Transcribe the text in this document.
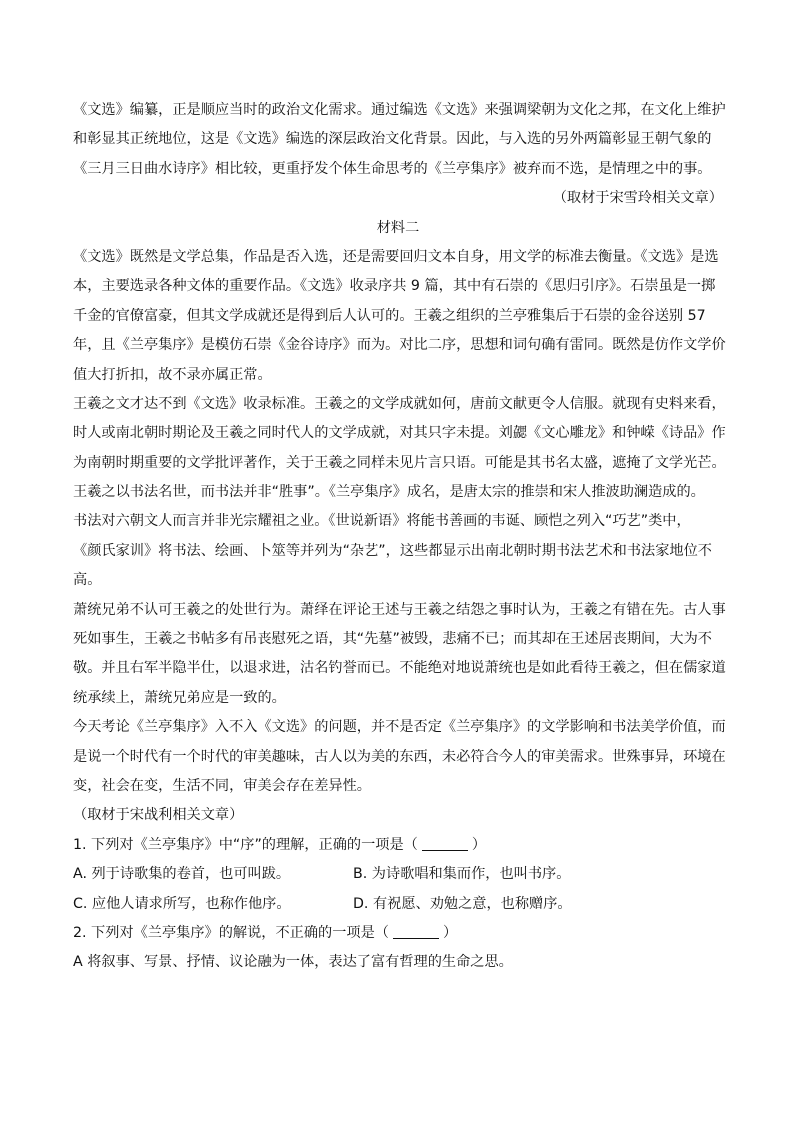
《文选》编纂，正是顺应当时的政治文化需求。通过编选《文选》来强调梁朝为文化之邦，在文化上维护
和彰显其正统地位，这是《文选》编选的深层政治文化背景。因此，与入选的另外两篇彰显王朝气象的
《三月三日曲水诗序》相比较，更重抒发个体生命思考的《兰亭集序》被弃而不选，是情理之中的事。
（取材于宋雪玲相关文章）
材料二
《文选》既然是文学总集，作品是否入选，还是需要回归文本自身，用文学的标准去衡量。《文选》是选
本，主要选录各种文体的重要作品。《文选》收录序共 9 篇，其中有石崇的《思归引序》。石崇虽是一掷
千金的官僚富豪，但其文学成就还是得到后人认可的。王羲之组织的兰亭雅集后于石崇的金谷送别 57
年，且《兰亭集序》是模仿石崇《金谷诗序》而为。对比二序，思想和词句确有雷同。既然是仿作文学价
值大打折扣，故不录亦属正常。
王羲之文才达不到《文选》收录标准。王羲之的文学成就如何，唐前文献更令人信服。就现有史料来看，
时人或南北朝时期论及王羲之同时代人的文学成就，对其只字未提。刘勰《文心雕龙》和钟嵘《诗品》作
为南朝时期重要的文学批评著作，关于王羲之同样未见片言只语。可能是其书名太盛，遮掩了文学光芒。
王羲之以书法名世，而书法并非“胜事”。《兰亭集序》成名，是唐太宗的推崇和宋人推波助澜造成的。
书法对六朝文人而言并非光宗耀祖之业。《世说新语》将能书善画的韦诞、顾恺之列入“巧艺”类中，
《颜氏家训》将书法、绘画、卜筮等并列为“杂艺”，这些都显示出南北朝时期书法艺术和书法家地位不
高。
萧统兄弟不认可王羲之的处世行为。萧绎在评论王述与王羲之结怨之事时认为，王羲之有错在先。古人事
死如事生，王羲之书帖多有吊丧慰死之语，其“先墓”被毁，悲痛不已；而其却在王述居丧期间，大为不
敬。并且右军半隐半仕，以退求进，沽名钓誉而已。不能绝对地说萧统也是如此看待王羲之，但在儒家道
统承续上，萧统兄弟应是一致的。
今天考论《兰亭集序》入不入《文选》的问题，并不是否定《兰亭集序》的文学影响和书法美学价值，而
是说一个时代有一个时代的审美趣味，古人以为美的东西，未必符合今人的审美需求。世殊事异，环境在
变，社会在变，生活不同，审美会存在差异性。
（取材于宋战利相关文章）
1. 下列对《兰亭集序》中“序”的理解，正确的一项是（	）
A. 列于诗歌集的卷首，也可叫跋。	B. 为诗歌唱和集而作，也叫书序。
C. 应他人请求所写，也称作他序。	D. 有祝愿、劝勉之意，也称赠序。
2. 下列对《兰亭集序》的解说，不正确的一项是（	）
A 将叙事、写景、抒情、议论融为一体，表达了富有哲理的生命之思。
